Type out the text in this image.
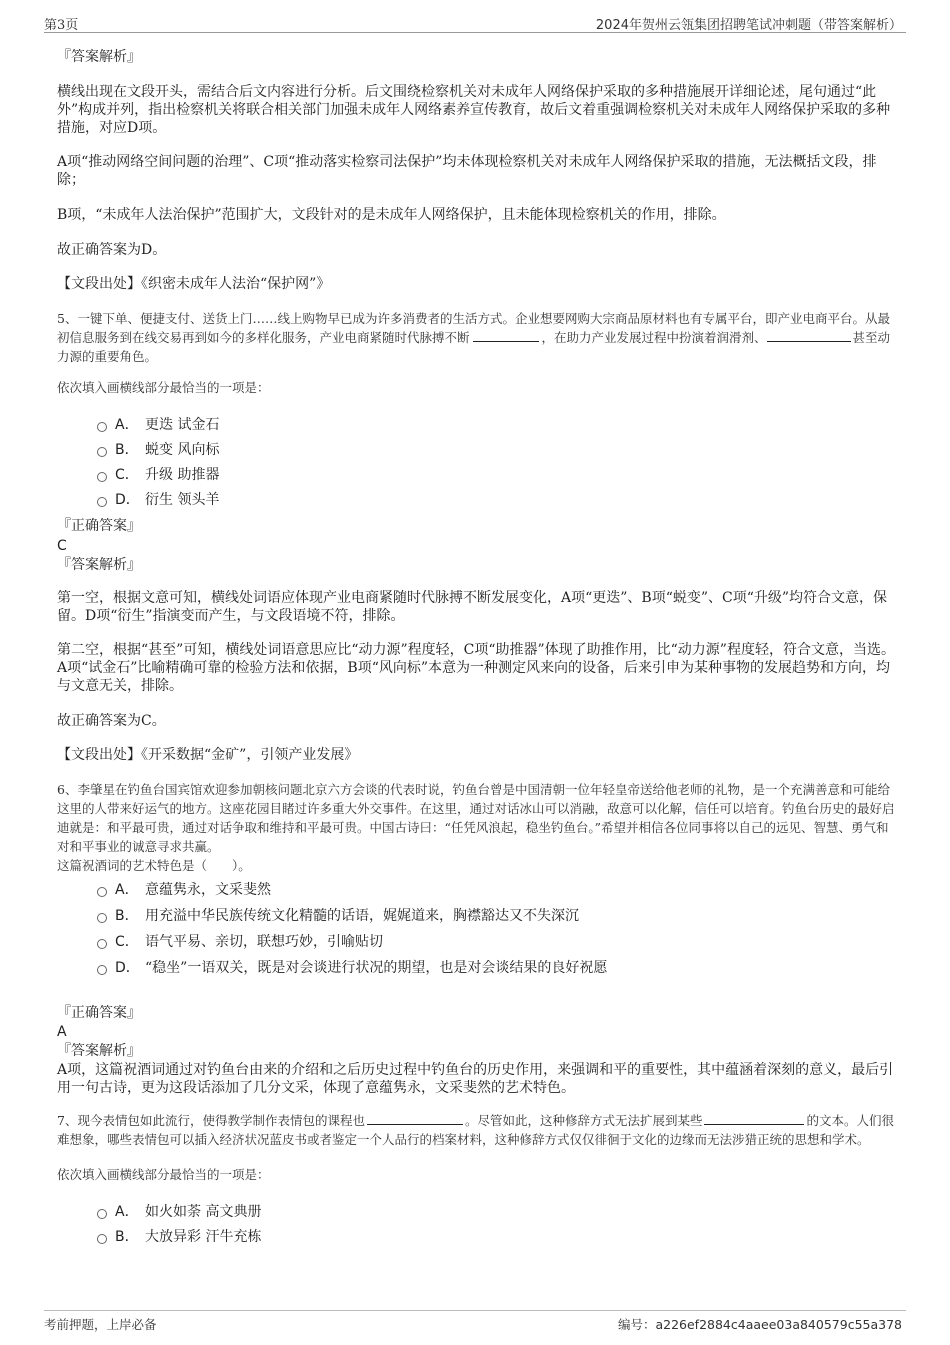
第3页	2024年贺州云瓴集团招聘笔试冲刺题（带答案解析）

『答案解析』

横线出现在文段开头，需结合后文内容进行分析。后文围绕检察机关对未成年人网络保护采取的多种措施展开详细论述，尾句通过“此外”构成并列，指出检察机关将联合相关部门加强未成年人网络素养宣传教育，故后文着重强调检察机关对未成年人网络保护采取的多种措施，对应D项。

A项“推动网络空间问题的治理”、C项“推动落实检察司法保护”均未体现检察机关对未成年人网络保护采取的措施，无法概括文段，排除；

B项，“未成年人法治保护”范围扩大，文段针对的是未成年人网络保护，且未能体现检察机关的作用，排除。

故正确答案为D。

【文段出处】《织密未成年人法治“保护网”》

5、一键下单、便捷支付、送货上门……线上购物早已成为许多消费者的生活方式。企业想要网购大宗商品原材料也有专属平台，即产业电商平台。从最初信息服务到在线交易再到如今的多样化服务，产业电商紧随时代脉搏不断	，在助力产业发展过程中扮演着润滑剂、	甚至动力源的重要角色。

依次填入画横线部分最恰当的一项是：

A． 更迭 试金石
B． 蜕变 风向标
C． 升级 助推器
D． 衍生 领头羊

『正确答案』

C

『答案解析』

第一空，根据文意可知，横线处词语应体现产业电商紧随时代脉搏不断发展变化，A项“更迭”、B项“蜕变”、C项“升级”均符合文意，保留。D项“衍生”指演变而产生，与文段语境不符，排除。

第二空，根据“甚至”可知，横线处词语意思应比“动力源”程度轻，C项“助推器”体现了助推作用，比“动力源”程度轻，符合文意，当选。A项“试金石”比喻精确可靠的检验方法和依据，B项“风向标”本意为一种测定风来向的设备，后来引申为某种事物的发展趋势和方向，均与文意无关，排除。

故正确答案为C。

【文段出处】《开采数据“金矿”，引领产业发展》

6、李肇星在钓鱼台国宾馆欢迎参加朝核问题北京六方会谈的代表时说，钓鱼台曾是中国清朝一位年轻皇帝送给他老师的礼物，是一个充满善意和可能给这里的人带来好运气的地方。这座花园目睹过许多重大外交事件。在这里，通过对话冰山可以消融，敌意可以化解，信任可以培育。钓鱼台历史的最好启迪就是：和平最可贵，通过对话争取和维持和平最可贵。中国古诗曰：“任凭风浪起，稳坐钓鱼台。”希望并相信各位同事将以自己的远见、智慧、勇气和对和平事业的诚意寻求共赢。

这篇祝酒词的艺术特色是（　　）。

A． 意蕴隽永，文采斐然
B． 用充溢中华民族传统文化精髓的话语，娓娓道来，胸襟豁达又不失深沉
C． 语气平易、亲切，联想巧妙，引喻贴切
D． “稳坐”一语双关，既是对会谈进行状况的期望，也是对会谈结果的良好祝愿

『正确答案』

A

『答案解析』

A项，这篇祝酒词通过对钓鱼台由来的介绍和之后历史过程中钓鱼台的历史作用，来强调和平的重要性，其中蕴涵着深刻的意义，最后引用一句古诗，更为这段话添加了几分文采，体现了意蕴隽永，文采斐然的艺术特色。

7、现今表情包如此流行，使得教学制作表情包的课程也	。尽管如此，这种修辞方式无法扩展到某些	的文本。人们很难想象，哪些表情包可以插入经济状况蓝皮书或者鉴定一个人品行的档案材料，这种修辞方式仅仅徘徊于文化的边缘而无法涉猎正统的思想和学术。

依次填入画横线部分最恰当的一项是：

A． 如火如荼 高文典册
B． 大放异彩 汗牛充栋
考前押题，上岸必备	编号：a226ef2884c4aaee03a840579c55a378
